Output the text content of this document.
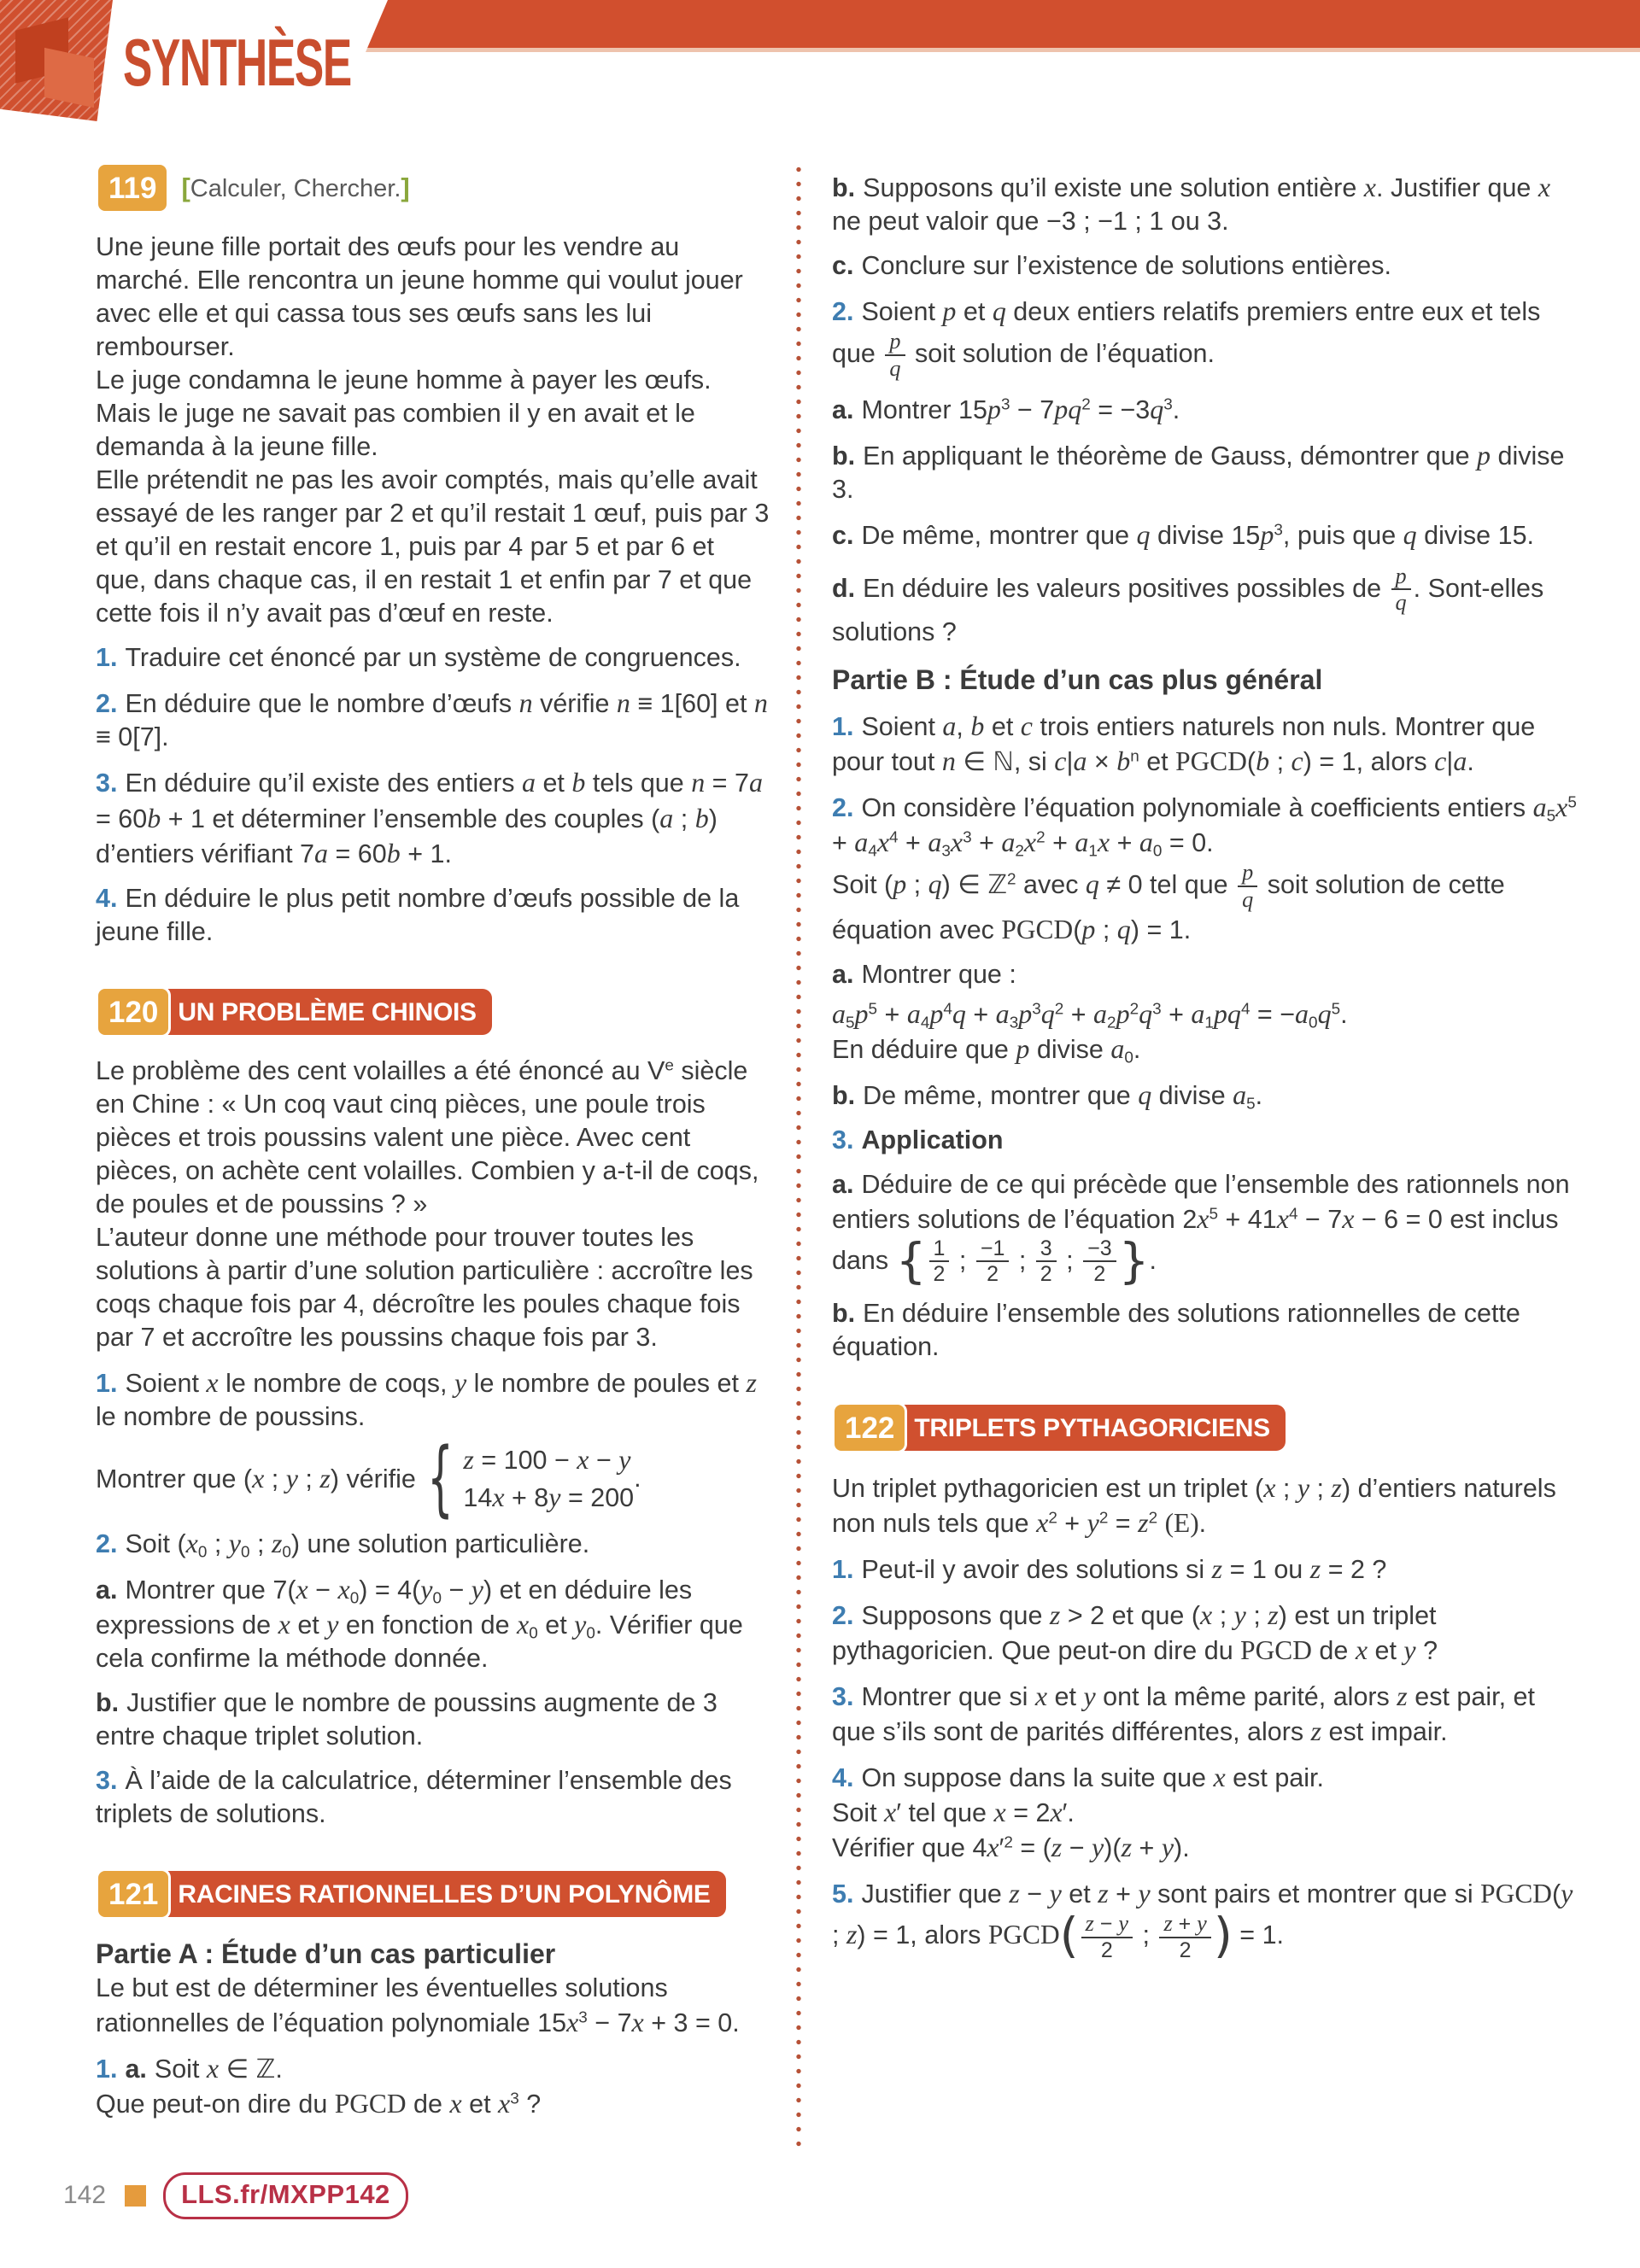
SYNTHÈSE
119 [Calculer, Chercher.]

Une jeune fille portait des œufs pour les vendre au marché. Elle rencontra un jeune homme qui voulut jouer avec elle et qui cassa tous ses œufs sans les lui rembourser.

Le juge condamna le jeune homme à payer les œufs. Mais le juge ne savait pas combien il y en avait et le demanda à la jeune fille.

Elle prétendit ne pas les avoir comptés, mais qu’elle avait essayé de les ranger par 2 et qu’il restait 1 œuf, puis par 3 et qu’il en restait encore 1, puis par 4 par 5 et par 6 et que, dans chaque cas, il en restait 1 et enfin par 7 et que cette fois il n’y avait pas d’œuf en reste.

1. Traduire cet énoncé par un système de congruences.

2. En déduire que le nombre d’œufs n vérifie n ≡ 1[60] et n ≡ 0[7].

3. En déduire qu’il existe des entiers a et b tels que n = 7a = 60b + 1 et déterminer l’ensemble des couples (a ; b) d’entiers vérifiant 7a = 60b + 1.

4. En déduire le plus petit nombre d’œufs possible de la jeune fille.

120 UN PROBLÈME CHINOIS

Le problème des cent volailles a été énoncé au Ve siècle en Chine : « Un coq vaut cinq pièces, une poule trois pièces et trois poussins valent une pièce. Avec cent pièces, on achète cent volailles. Combien y a-t-il de coqs, de poules et de poussins ? »

L’auteur donne une méthode pour trouver toutes les solutions à partir d’une solution particulière : accroître les coqs chaque fois par 4, décroître les poules chaque fois par 7 et accroître les poussins chaque fois par 3.

1. Soient x le nombre de coqs, y le nombre de poules et z le nombre de poussins.

Montrer que (x ; y ; z) vérifie { z = 100 − x − y
14x + 8y = 200
.

2. Soit ($x_0$ ; $y_0$ ; $z_0$) une solution particulière.

a. Montrer que $7(x - x_0) = 4(y_0 - y)$ et en déduire les expressions de x et y en fonction de $x_0$ et $y_0$. Vérifier que cela confirme la méthode donnée.

b. Justifier que le nombre de poussins augmente de 3 entre chaque triplet solution.

3. À l’aide de la calculatrice, déterminer l’ensemble des triplets de solutions.

121 RACINES RATIONNELLES D’UN POLYNÔME

Partie A : Étude d’un cas particulier

Le but est de déterminer les éventuelles solutions rationnelles de l’équation polynomiale $15x^3 - 7x + 3 = 0$.

1. a. Soit x ∈ ℤ.

Que peut-on dire du PGCD de x et $x^3$ ?

b. Supposons qu’il existe une solution entière x. Justifier que x ne peut valoir que −3 ; −1 ; 1 ou 3.

c. Conclure sur l’existence de solutions entières.

2. Soient p et q deux entiers relatifs premiers entre eux et tels que $\frac{p}{q}$ soit solution de l’équation.

a. Montrer $15p^3 - 7pq^2 = -3q^3$.

b. En appliquant le théorème de Gauss, démontrer que p divise 3.

c. De même, montrer que q divise $15p^3$, puis que q divise 15.

d. En déduire les valeurs positives possibles de $\frac{p}{q}$ . Sont-elles solutions ?

Partie B : Étude d’un cas plus général

1. Soient a, b et c trois entiers naturels non nuls. Montrer que pour tout n ∈ ℕ, si $c|a \times b^n$ et PGCD(b ; c) = 1, alors c|a.

2. On considère l’équation polynomiale à coefficients entiers $a_5x^5 + a_4x^4 + a_3x^3 + a_2x^2 + a_1x + a_0 = 0$.

Soit (p ; q) ∈ ℤ$^2$ avec q ≠ 0 tel que $\frac{p}{q}$ soit solution de cette équation avec PGCD(p ; q) = 1.

a. Montrer que :

$a_5p^5 + a_4p^4q + a_3p^3q^2 + a_2p^2q^3 + a_1pq^4 = -a_0q^5$.

En déduire que p divise $a_0$.

b. De même, montrer que q divise $a_5$.

3. Application

a. Déduire de ce qui précède que l’ensemble des rationnels non entiers solutions de l’équation $2x^5 + 41x^4 - 7x - 6 = 0$ est inclus dans { $\frac{1}{2}$ ; $\frac{-1}{2}$ ; $\frac{3}{2}$ ; $\frac{-3}{2}$ }.

b. En déduire l’ensemble des solutions rationnelles de cette équation.

122 TRIPLETS PYTHAGORICIENS

Un triplet pythagoricien est un triplet (x ; y ; z) d’entiers naturels non nuls tels que $x^2 + y^2 = z^2$ (E).

1. Peut-il y avoir des solutions si z = 1 ou z = 2 ?

2. Supposons que z > 2 et que (x ; y ; z) est un triplet pythagoricien. Que peut-on dire du PGCD de x et y ?

3. Montrer que si x et y ont la même parité, alors z est pair, et que s’ils sont de parités différentes, alors z est impair.

4. On suppose dans la suite que x est pair.

Soit x′ tel que x = 2x′.

Vérifier que $4x'^2 = (z - y)(z + y)$.

5. Justifier que z − y et z + y sont pairs et montrer que si PGCD(y ; z) = 1, alors PGCD( $\frac{z - y}{2}$ ; $\frac{z + y}{2}$ ) = 1.

142	LLS.fr/MXPP142
